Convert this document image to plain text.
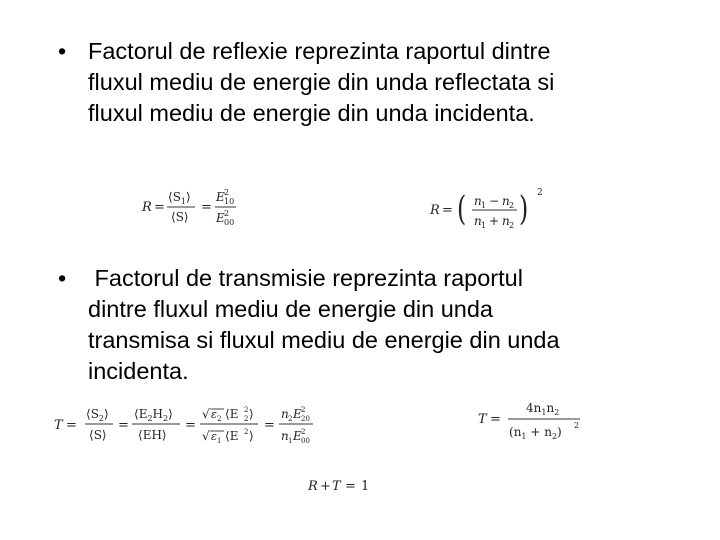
• Factorul de reflexie reprezinta raportul dintre
fluxul mediu de energie din unda reflectata si
fluxul mediu de energie din unda incidenta.
R =
$⟨S_1⟩$
⟨S⟩
=
E 2
10
E 2
00
R = ( n 1 − n 2
n 1 + n 2 ) 2
• Factorul de transmisie reprezinta raportul
dintre fluxul mediu de energie din unda
transmisa si fluxul mediu de energie din unda
incidenta.
T =
$⟨S_2⟩$
⟨S⟩
=
$⟨E_2H_2⟩$
⟨EH⟩
=
√ ε 2 ⟨E 2
2 ⟩
√ ε 1 ⟨E 2 ⟩
=
n 2 E 2
20
n 1 E 2
00
T =
$4n_1n_2$
$(n_1 + n_2)$ 2
R + T = 1
